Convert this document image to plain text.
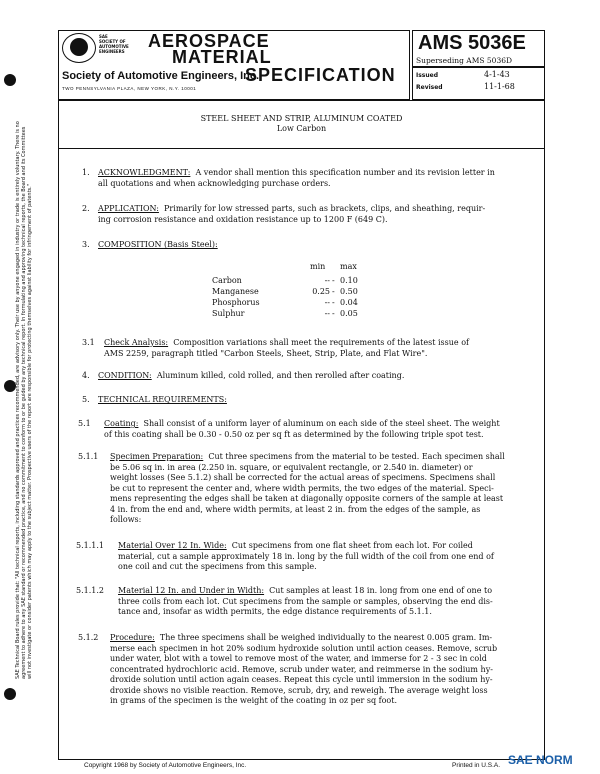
SAE Technical Board rules provide that: "All technical reports, including standards approved and practices recommended, are advisory only. Their use by anyone engaged in industry or trade is entirely voluntary. There is no agreement to adhere to any SAE standard or recommended practice, and no commitment to conform to or be guided by any technical report. In formulating and approving technical reports, the Board and its Committees will not investigate or consider patents which may apply to the subject matter. Prospective users of the report are responsible for protecting themselves against liability for infringement of patents."
SAE
SOCIETY OF
AUTOMOTIVE
ENGINEERS
AEROSPACE
MATERIAL
SPECIFICATION
Society of Automotive Engineers, Inc.
TWO PENNSYLVANIA PLAZA, NEW YORK, N.Y. 10001
AMS 5036E
Superseding AMS 5036D
Issued	4-1-43
Revised	11-1-68
STEEL SHEET AND STRIP, ALUMINUM COATED
Low Carbon
1. ACKNOWLEDGMENT: A vendor shall mention this specification number and its revision letter in
all quotations and when acknowledging purchase orders.
2. APPLICATION: Primarily for low stressed parts, such as brackets, clips, and sheathing, requir-
ing corrosion resistance and oxidation resistance up to 1200 F (649 C).
3. COMPOSITION (Basis Steel):
min max
Carbon	-- - 0.10
Manganese	0.25 - 0.50
Phosphorus	-- - 0.04
Sulphur	-- - 0.05
3.1 Check Analysis: Composition variations shall meet the requirements of the latest issue of
AMS 2259, paragraph titled "Carbon Steels, Sheet, Strip, Plate, and Flat Wire".
4. CONDITION: Aluminum killed, cold rolled, and then rerolled after coating.
5. TECHNICAL REQUIREMENTS:
5.1 Coating: Shall consist of a uniform layer of aluminum on each side of the steel sheet. The weight
of this coating shall be 0.30 - 0.50 oz per sq ft as determined by the following triple spot test.
5.1.1 Specimen Preparation: Cut three specimens from the material to be tested. Each specimen shall
be 5.06 sq in. in area (2.250 in. square, or equivalent rectangle, or 2.540 in. diameter) or
weight losses (See 5.1.2) shall be corrected for the actual areas of specimens. Specimens shall
be cut to represent the center and, where width permits, the two edges of the material. Speci-
mens representing the edges shall be taken at diagonally opposite corners of the sample at least
4 in. from the end and, where width permits, at least 2 in. from the edges of the sample, as
follows:
5.1.1.1 Material Over 12 In. Wide: Cut specimens from one flat sheet from each lot. For coiled
material, cut a sample approximately 18 in. long by the full width of the coil from one end of
one coil and cut the specimens from this sample.
5.1.1.2 Material 12 In. and Under in Width: Cut samples at least 18 in. long from one end of one to
three coils from each lot. Cut specimens from the sample or samples, observing the end dis-
tance and, insofar as width permits, the edge distance requirements of 5.1.1.
5.1.2 Procedure: The three specimens shall be weighed individually to the nearest 0.005 gram. Im-
merse each specimen in hot 20% sodium hydroxide solution until action ceases. Remove, scrub
under water, blot with a towel to remove most of the water, and immerse for 2 - 3 sec in cold
concentrated hydrochloric acid. Remove, scrub under water, and reimmerse in the sodium hy-
droxide solution until action again ceases. Repeat this cycle until immersion in the sodium hy-
droxide shows no visible reaction. Remove, scrub, dry, and reweigh. The average weight loss
in grams of the specimen is the weight of the coating in oz per sq foot.
Copyright 1968 by Society of Automotive Engineers, Inc.	Printed in U.S.A. SAE NORM
